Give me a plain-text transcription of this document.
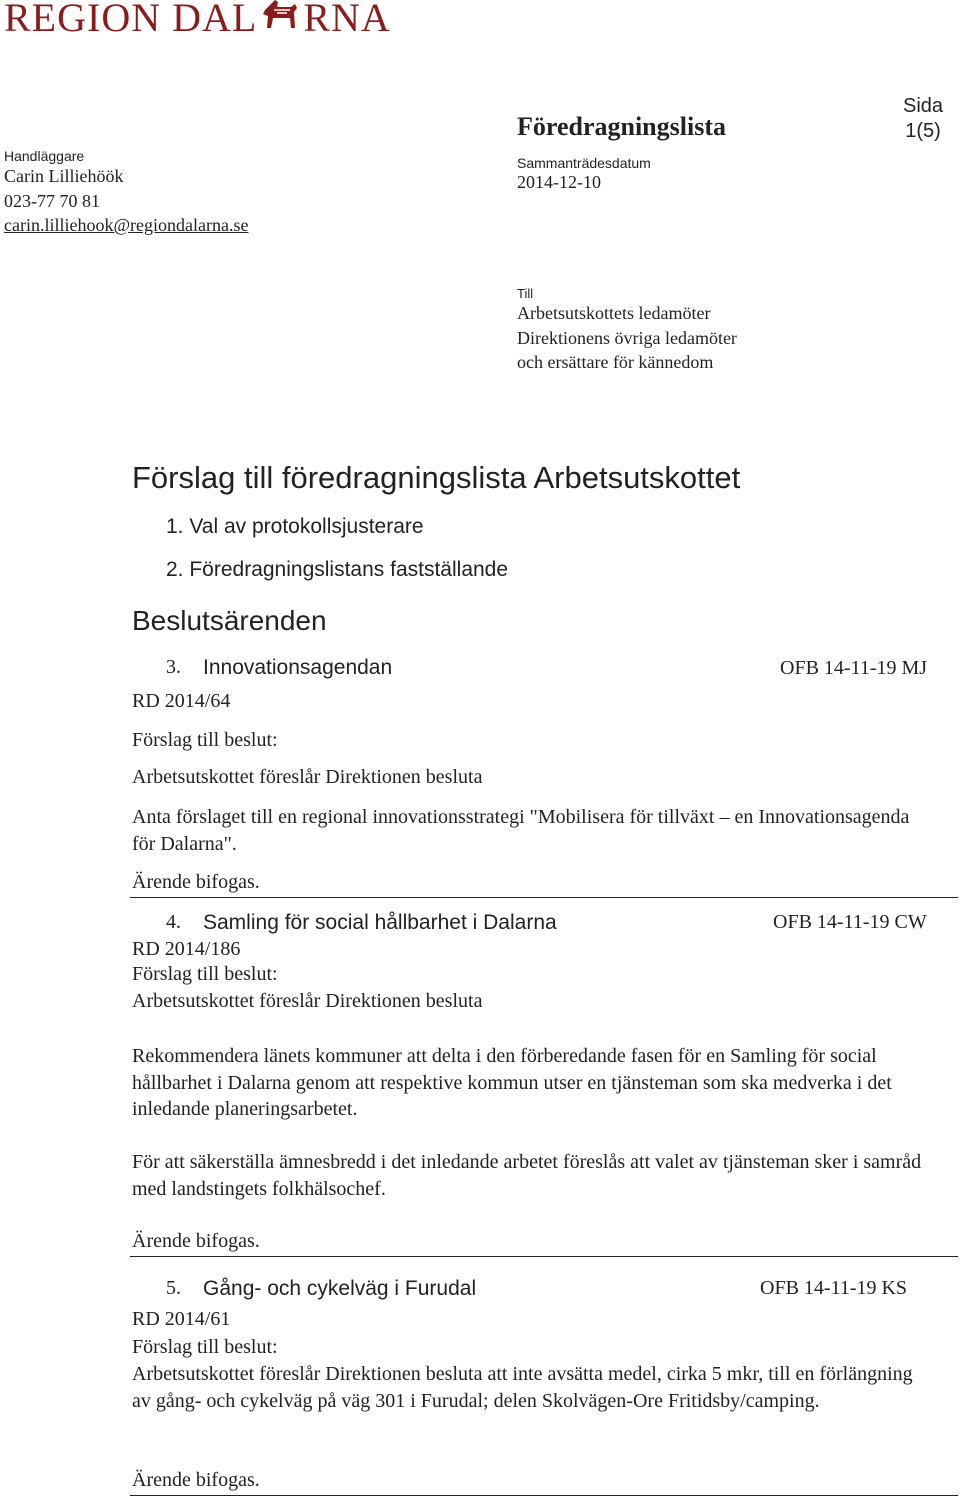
REGION DAL RNA
Handläggare
Carin Lilliehöök
023-77 70 81
carin.lilliehook@regiondalarna.se
Föredragningslista
Sida
1(5)
Sammanträdesdatum
2014-12-10
Till
Arbetsutskottets ledamöter
Direktionens övriga ledamöter
och ersättare för kännedom
Förslag till föredragningslista Arbetsutskottet
1. Val av protokollsjusterare
2. Föredragningslistans fastställande
Beslutsärenden
3. Innovationsagendan	OFB 14-11-19 MJ
RD 2014/64
Förslag till beslut:
Arbetsutskottet föreslår Direktionen besluta
Anta förslaget till en regional innovationsstrategi "Mobilisera för tillväxt – en Innovationsagenda för Dalarna".
Ärende bifogas.
4. Samling för social hållbarhet i Dalarna	OFB 14-11-19 CW
RD 2014/186
Förslag till beslut:
Arbetsutskottet föreslår Direktionen besluta
Rekommendera länets kommuner att delta i den förberedande fasen för en Samling för social hållbarhet i Dalarna genom att respektive kommun utser en tjänsteman som ska medverka i det inledande planeringsarbetet.
För att säkerställa ämnesbredd i det inledande arbetet föreslås att valet av tjänsteman sker i samråd med landstingets folkhälsochef.
Ärende bifogas.
5. Gång- och cykelväg i Furudal	OFB 14-11-19 KS
RD 2014/61
Förslag till beslut:
Arbetsutskottet föreslår Direktionen besluta att inte avsätta medel, cirka 5 mkr, till en förlängning av gång- och cykelväg på väg 301 i Furudal; delen Skolvägen-Ore Fritidsby/camping.
Ärende bifogas.
